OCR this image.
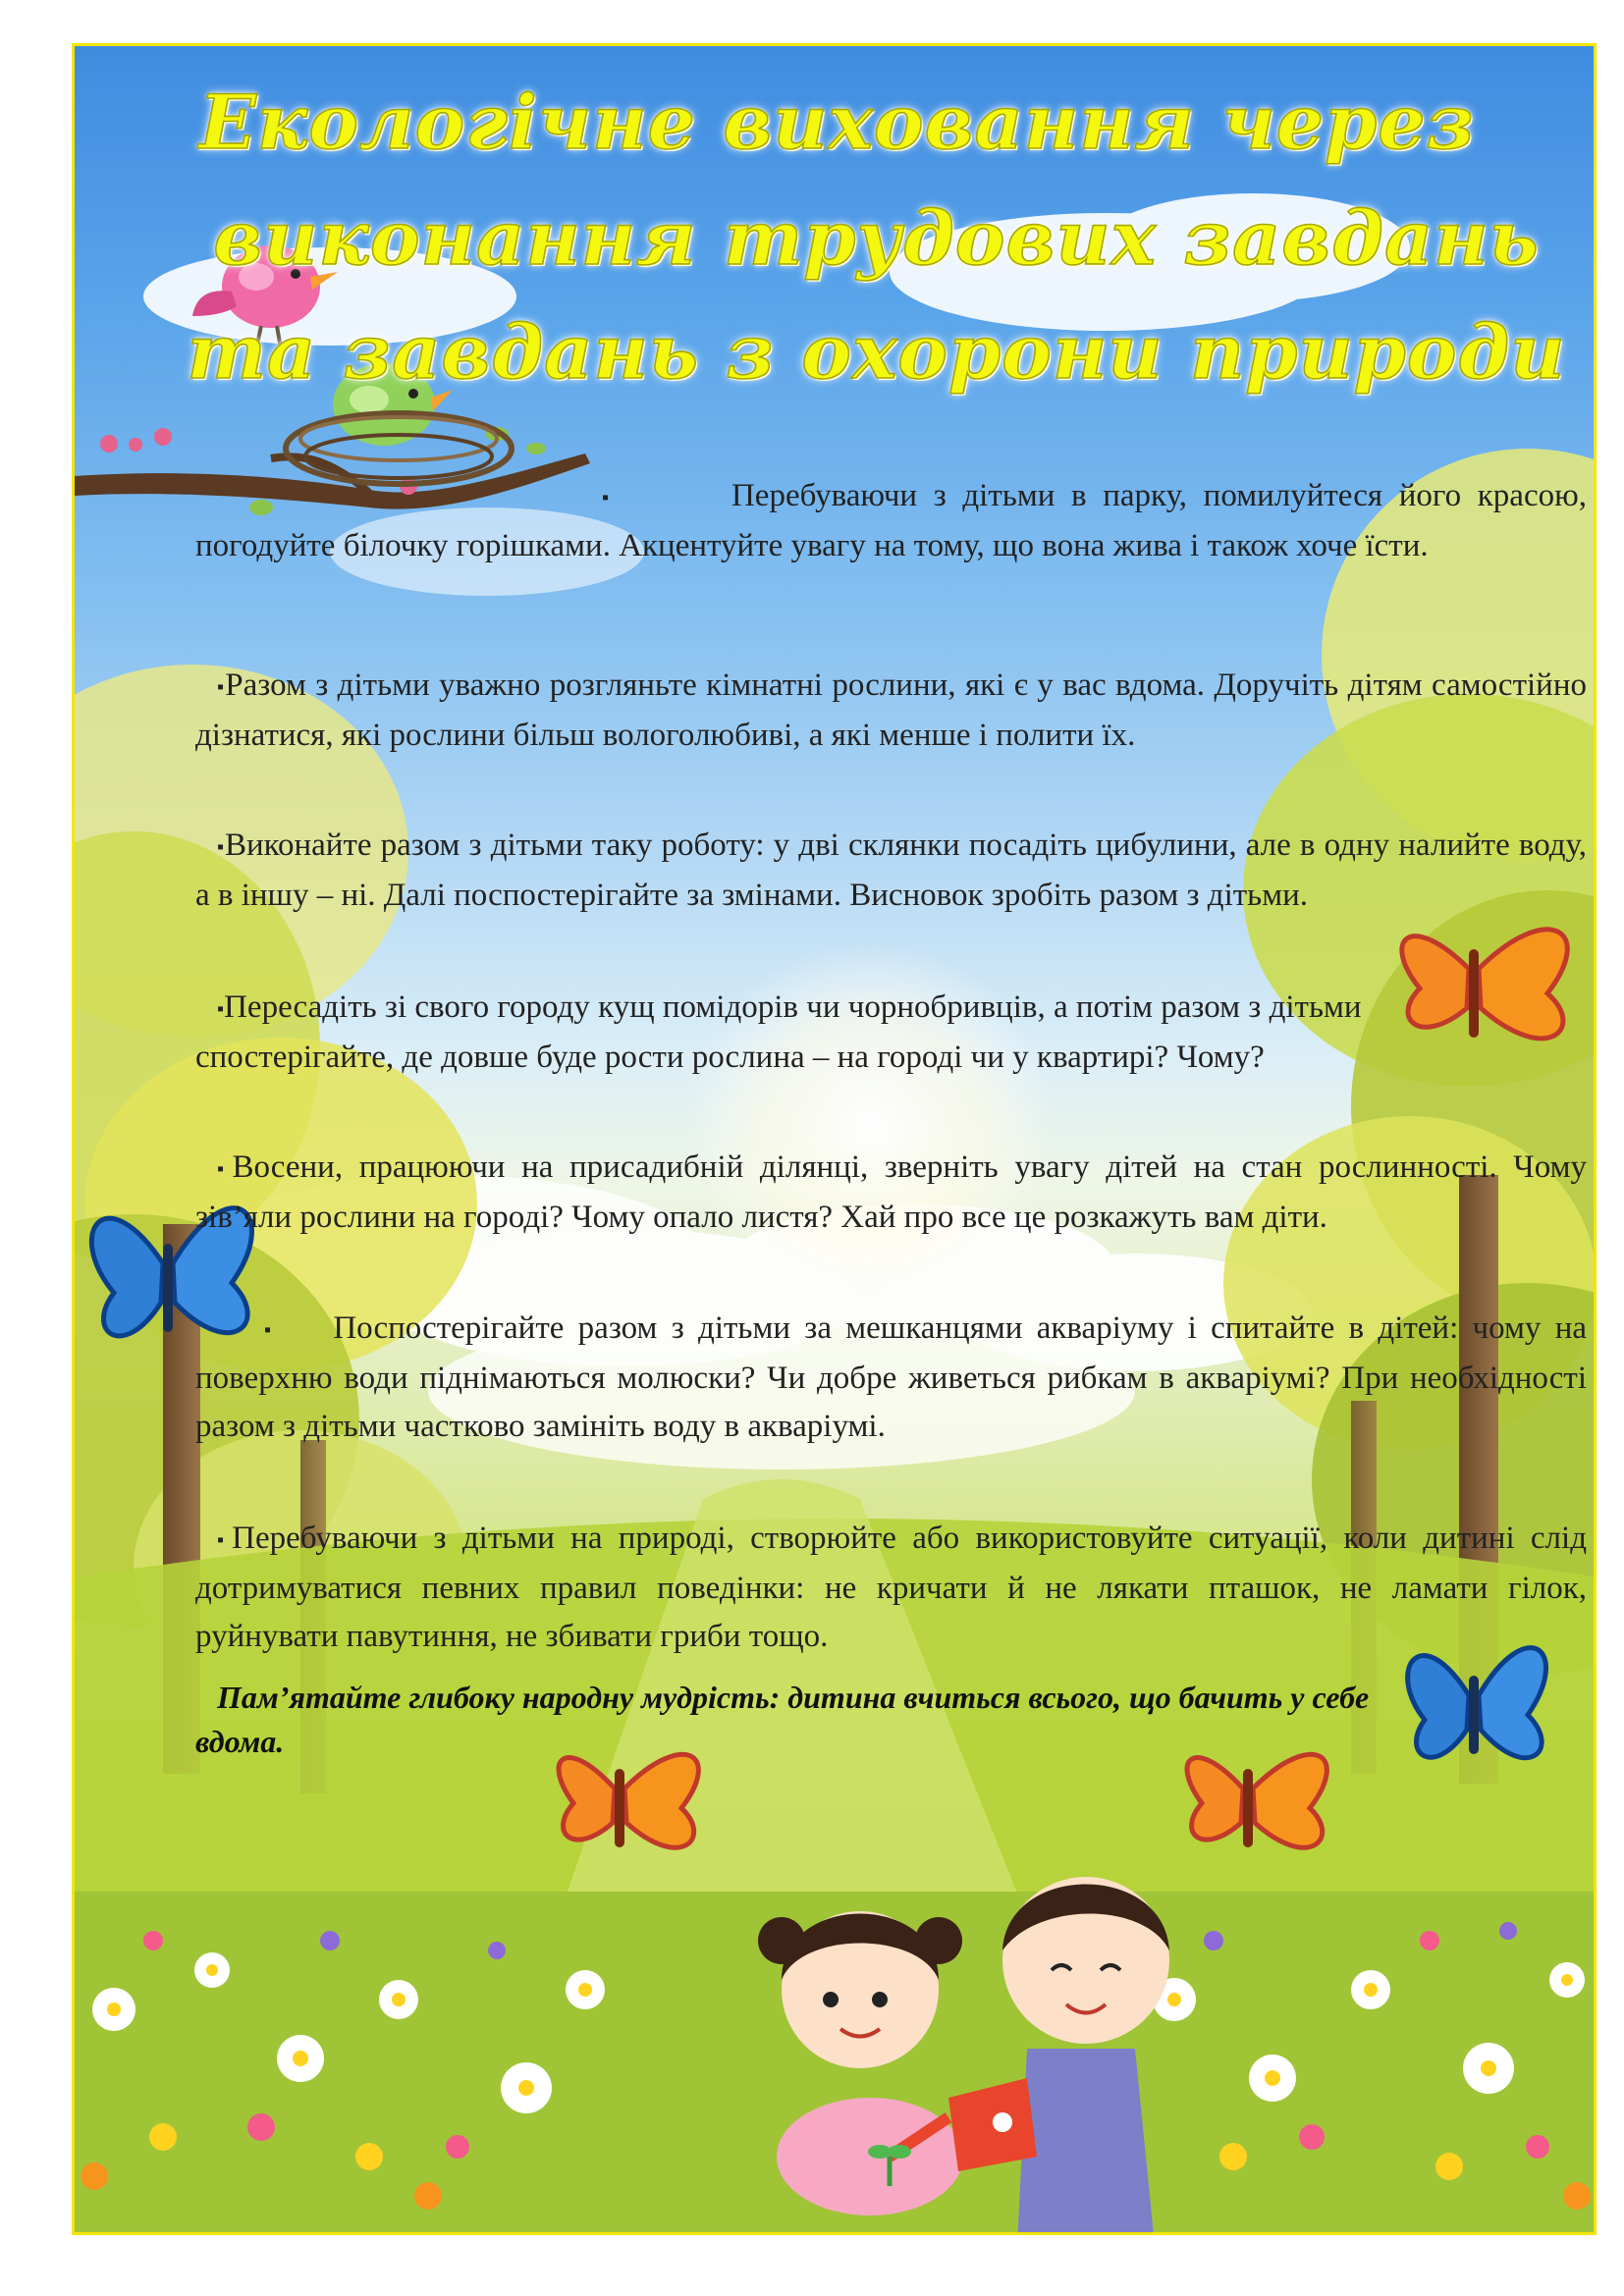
Екологічне виховання через
виконання трудових завдань
та завдань з охорони природи

▪	Перебуваючи з дітьми в парку, помилуйтеся його красою, погодуйте білочку горішками. Акцентуйте увагу на тому, що вона жива і також хоче їсти.

▪Разом з дітьми уважно розгляньте кімнатні рослини, які є у вас вдома. Доручіть дітям самостійно дізнатися, які рослини більш вологолюбиві, а які менше і полити їх.

▪Виконайте разом з дітьми таку роботу: у дві склянки посадіть цибулини, але в одну налийте воду, а в іншу – ні. Далі поспостерігайте за змінами. Висновок зробіть разом з дітьми.

▪Пересадіть зі свого городу кущ помідорів чи чорнобривців, а потім разом з дітьми спостерігайте, де довше буде рости рослина – на городі чи у квартирі? Чому?

▪Восени, працюючи на присадибній ділянці, зверніть увагу дітей на стан рослинності. Чому зів’яли рослини на городі? Чому опало листя? Хай про все це розкажуть вам діти.

▪ Поспостерігайте разом з дітьми за мешканцями акваріуму і спитайте в дітей: чому на поверхню води піднімаються молюски? Чи добре живеться рибкам в акваріумі? При необхідності разом з дітьми частково замініть воду в акваріумі.

▪Перебуваючи з дітьми на природі, створюйте або використовуйте ситуації, коли дитині слід дотримуватися певних правил поведінки: не кричати й не лякати пташок, не ламати гілок, руйнувати павутиння, не збивати гриби тощо.

Пам’ятайте глибоку народну мудрість: дитина вчиться всього, що бачить у себе вдома.
